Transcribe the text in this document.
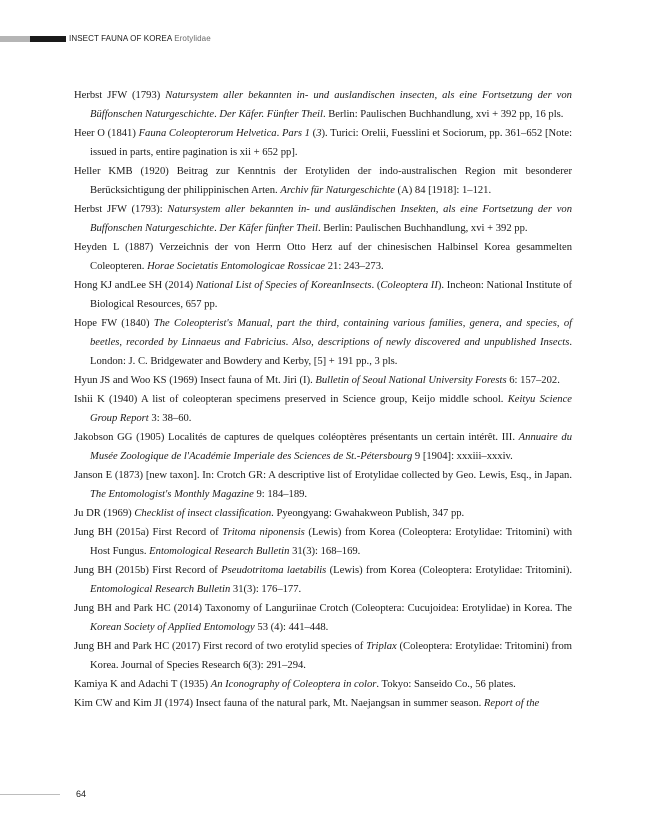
INSECT FAUNA OF KOREA Erotylidae

Herbst JFW (1793) Natursystem aller bekannten in- und auslandischen insecten, als eine Fortsetzung der von Büffonschen Naturgeschichte. Der Käfer. Fünfter Theil. Berlin: Paulischen Buchhandlung, xvi + 392 pp, 16 pls.

Heer O (1841) Fauna Coleopterorum Helvetica. Pars 1 (3). Turici: Orelii, Fuesslini et Sociorum, pp. 361–652 [Note: issued in parts, entire pagination is xii + 652 pp].

Heller KMB (1920) Beitrag zur Kenntnis der Erotyliden der indo-australischen Region mit besonderer Berücksichtigung der philippinischen Arten. Archiv für Naturgeschichte (A) 84 [1918]: 1–121.

Herbst JFW (1793): Natursystem aller bekannten in- und ausländischen Insekten, als eine Fortsetzung der von Buffonschen Naturgeschichte. Der Käfer fünfter Theil. Berlin: Paulischen Buchhandlung, xvi + 392 pp.

Heyden L (1887) Verzeichnis der von Herrn Otto Herz auf der chinesischen Halbinsel Korea gesammelten Coleopteren. Horae Societatis Entomologicae Rossicae 21: 243–273.

Hong KJ andLee SH (2014) National List of Species of KoreanInsects. (Coleoptera II). Incheon: National Institute of Biological Resources, 657 pp.

Hope FW (1840) The Coleopterist's Manual, part the third, containing various families, genera, and species, of beetles, recorded by Linnaeus and Fabricius. Also, descriptions of newly discovered and unpublished Insects. London: J. C. Bridgewater and Bowdery and Kerby, [5] + 191 pp., 3 pls.

Hyun JS and Woo KS (1969) Insect fauna of Mt. Jiri (I). Bulletin of Seoul National University Forests 6: 157–202.

Ishii K (1940) A list of coleopteran specimens preserved in Science group, Keijo middle school. Keityu Science Group Report 3: 38–60.

Jakobson GG (1905) Localités de captures de quelques coléoptères présentants un certain intérêt. III. Annuaire du Musée Zoologique de l'Académie Imperiale des Sciences de St.-Pétersbourg 9 [1904]: xxxiii–xxxiv.

Janson E (1873) [new taxon]. In: Crotch GR: A descriptive list of Erotylidae collected by Geo. Lewis, Esq., in Japan. The Entomologist's Monthly Magazine 9: 184–189.

Ju DR (1969) Checklist of insect classification. Pyeongyang: Gwahakweon Publish, 347 pp.

Jung BH (2015a) First Record of Tritoma niponensis (Lewis) from Korea (Coleoptera: Erotylidae: Tritomini) with Host Fungus. Entomological Research Bulletin 31(3): 168–169.

Jung BH (2015b) First Record of Pseudotritoma laetabilis (Lewis) from Korea (Coleoptera: Erotylidae: Tritomini). Entomological Research Bulletin 31(3): 176–177.

Jung BH and Park HC (2014) Taxonomy of Languriinae Crotch (Coleoptera: Cucujoidea: Erotylidae) in Korea. The Korean Society of Applied Entomology 53 (4): 441–448.

Jung BH and Park HC (2017) First record of two erotylid species of Triplax (Coleoptera: Erotylidae: Tritomini) from Korea. Journal of Species Research 6(3): 291–294.

Kamiya K and Adachi T (1935) An Iconography of Coleoptera in color. Tokyo: Sanseido Co., 56 plates.

Kim CW and Kim JI (1974) Insect fauna of the natural park, Mt. Naejangsan in summer season. Report of the

64
